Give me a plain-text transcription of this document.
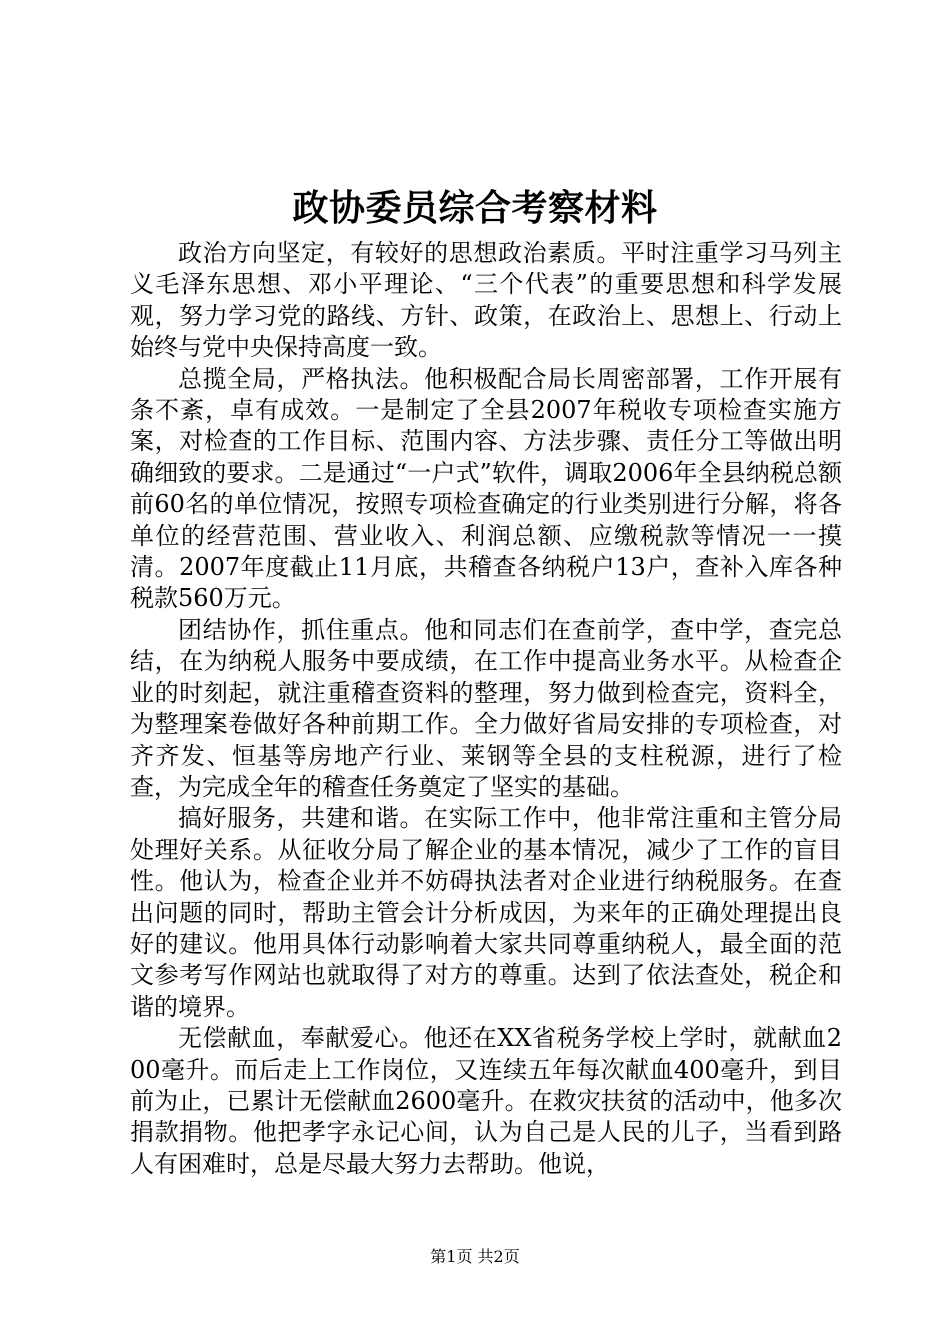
政协委员综合考察材料

政治方向坚定，有较好的思想政治素质。平时注重学习马列主义毛泽东思想、邓小平理论、“三个代表”的重要思想和科学发展观，努力学习党的路线、方针、政策，在政治上、思想上、行动上始终与党中央保持高度一致。

总揽全局，严格执法。他积极配合局长周密部署，工作开展有条不紊，卓有成效。一是制定了全县2007年税收专项检查实施方案，对检查的工作目标、范围内容、方法步骤、责任分工等做出明确细致的要求。二是通过“一户式”软件，调取2006年全县纳税总额前60名的单位情况，按照专项检查确定的行业类别进行分解，将各单位的经营范围、营业收入、利润总额、应缴税款等情况一一摸清。2007年度截止11月底，共稽查各纳税户13户，查补入库各种税款560万元。

团结协作，抓住重点。他和同志们在查前学，查中学，查完总结，在为纳税人服务中要成绩，在工作中提高业务水平。从检查企业的时刻起，就注重稽查资料的整理，努力做到检查完，资料全，为整理案卷做好各种前期工作。全力做好省局安排的专项检查，对齐齐发、恒基等房地产行业、莱钢等全县的支柱税源，进行了检查，为完成全年的稽查任务奠定了坚实的基础。

搞好服务，共建和谐。在实际工作中，他非常注重和主管分局处理好关系。从征收分局了解企业的基本情况，减少了工作的盲目性。他认为，检查企业并不妨碍执法者对企业进行纳税服务。在查出问题的同时，帮助主管会计分析成因，为来年的正确处理提出良好的建议。他用具体行动影响着大家共同尊重纳税人，最全面的范文参考写作网站也就取得了对方的尊重。达到了依法查处，税企和谐的境界。

无偿献血，奉献爱心。他还在XX省税务学校上学时，就献血200毫升。而后走上工作岗位，又连续五年每次献血400毫升，到目前为止，已累计无偿献血2600毫升。在救灾扶贫的活动中，他多次捐款捐物。他把孝字永记心间，认为自己是人民的儿子，当看到路人有困难时，总是尽最大努力去帮助。他说，

第1页 共2页
